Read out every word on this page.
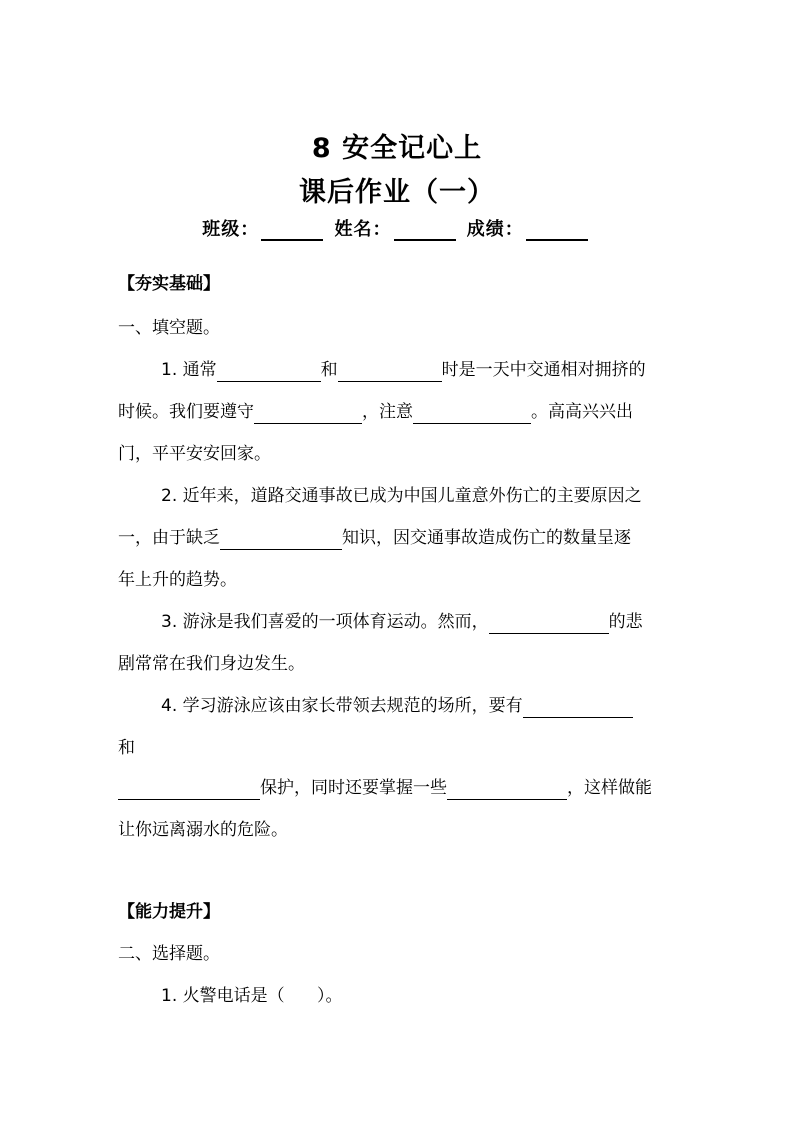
8 安全记心上
课后作业（一）
班级：	姓名：	成绩：
【夯实基础】
一、填空题。
1. 通常	和	时是一天中交通相对拥挤的
时候。我们要遵守	，注意	。高高兴兴出
门，平平安安回家。
2. 近年来，道路交通事故已成为中国儿童意外伤亡的主要原因之
一，由于缺乏	知识，因交通事故造成伤亡的数量呈逐
年上升的趋势。
3. 游泳是我们喜爱的一项体育运动。然而，	的悲
剧常常在我们身边发生。
4. 学习游泳应该由家长带领去规范的场所，要有
和
保护，同时还要掌握一些	，这样做能
让你远离溺水的危险。
【能力提升】
二、选择题。
1. 火警电话是（      ）。
